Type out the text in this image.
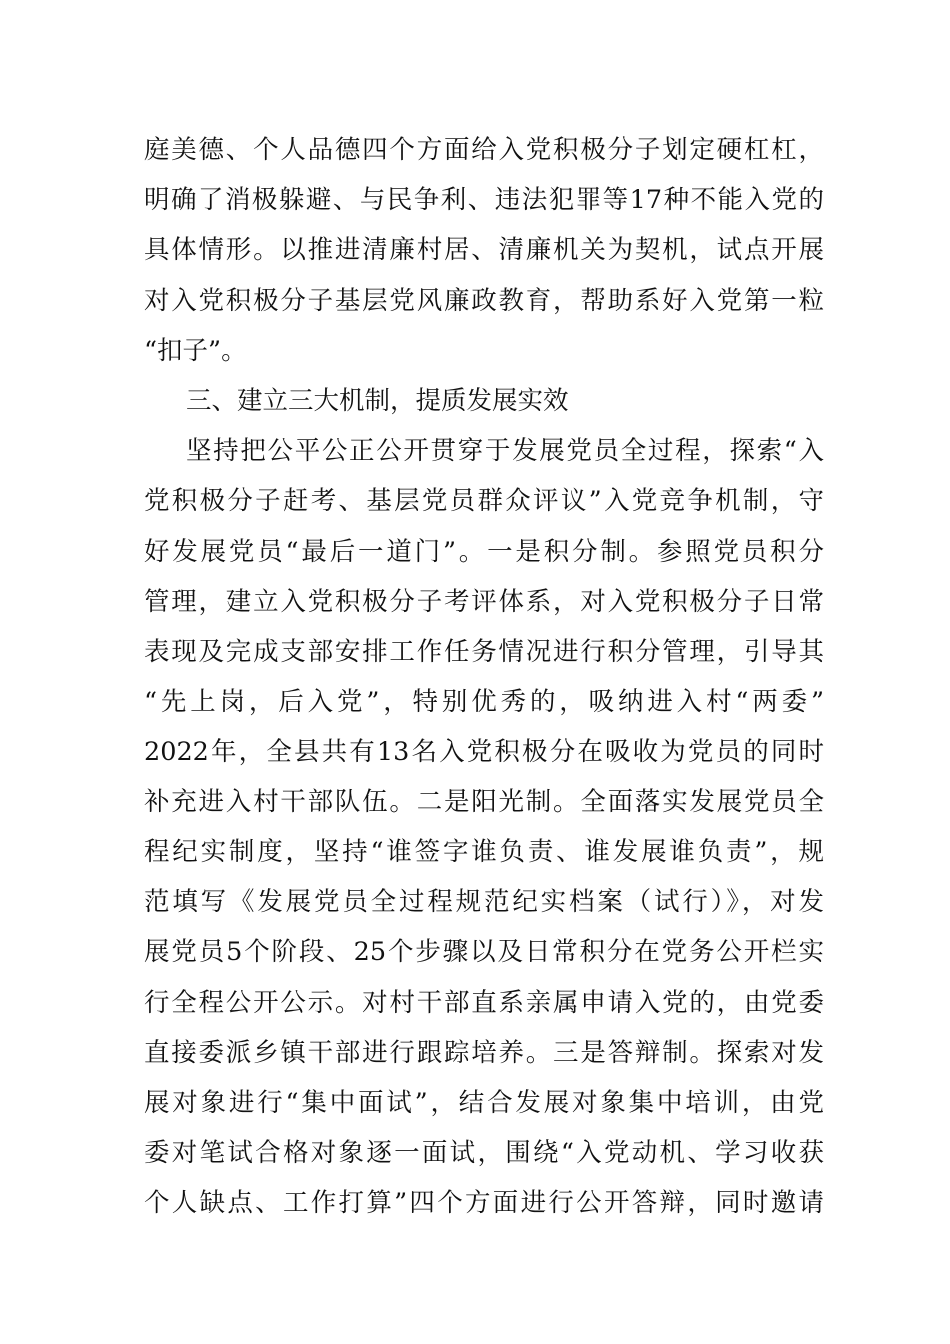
庭美德、个人品德四个方面给入党积极分子划定硬杠杠，
明确了消极躲避、与民争利、违法犯罪等17种不能入党的
具体情形。以推进清廉村居、清廉机关为契机，试点开展
对入党积极分子基层党风廉政教育，帮助系好入党第一粒
“扣子”。
三、建立三大机制，提质发展实效
坚持把公平公正公开贯穿于发展党员全过程，探索“入
党积极分子赶考、基层党员群众评议”入党竞争机制，守
好发展党员“最后一道门”。一是积分制。参照党员积分
管理，建立入党积极分子考评体系，对入党积极分子日常
表现及完成支部安排工作任务情况进行积分管理，引导其
“先上岗，后入党”，特别优秀的，吸纳进入村“两委”
2022年，全县共有13名入党积极分在吸收为党员的同时
补充进入村干部队伍。二是阳光制。全面落实发展党员全
程纪实制度，坚持“谁签字谁负责、谁发展谁负责”，规
范填写《发展党员全过程规范纪实档案（试行）》，对发
展党员5个阶段、25个步骤以及日常积分在党务公开栏实
行全程公开公示。对村干部直系亲属申请入党的，由党委
直接委派乡镇干部进行跟踪培养。三是答辩制。探索对发
展对象进行“集中面试”，结合发展对象集中培训，由党
委对笔试合格对象逐一面试，围绕“入党动机、学习收获
个人缺点、工作打算”四个方面进行公开答辩，同时邀请
